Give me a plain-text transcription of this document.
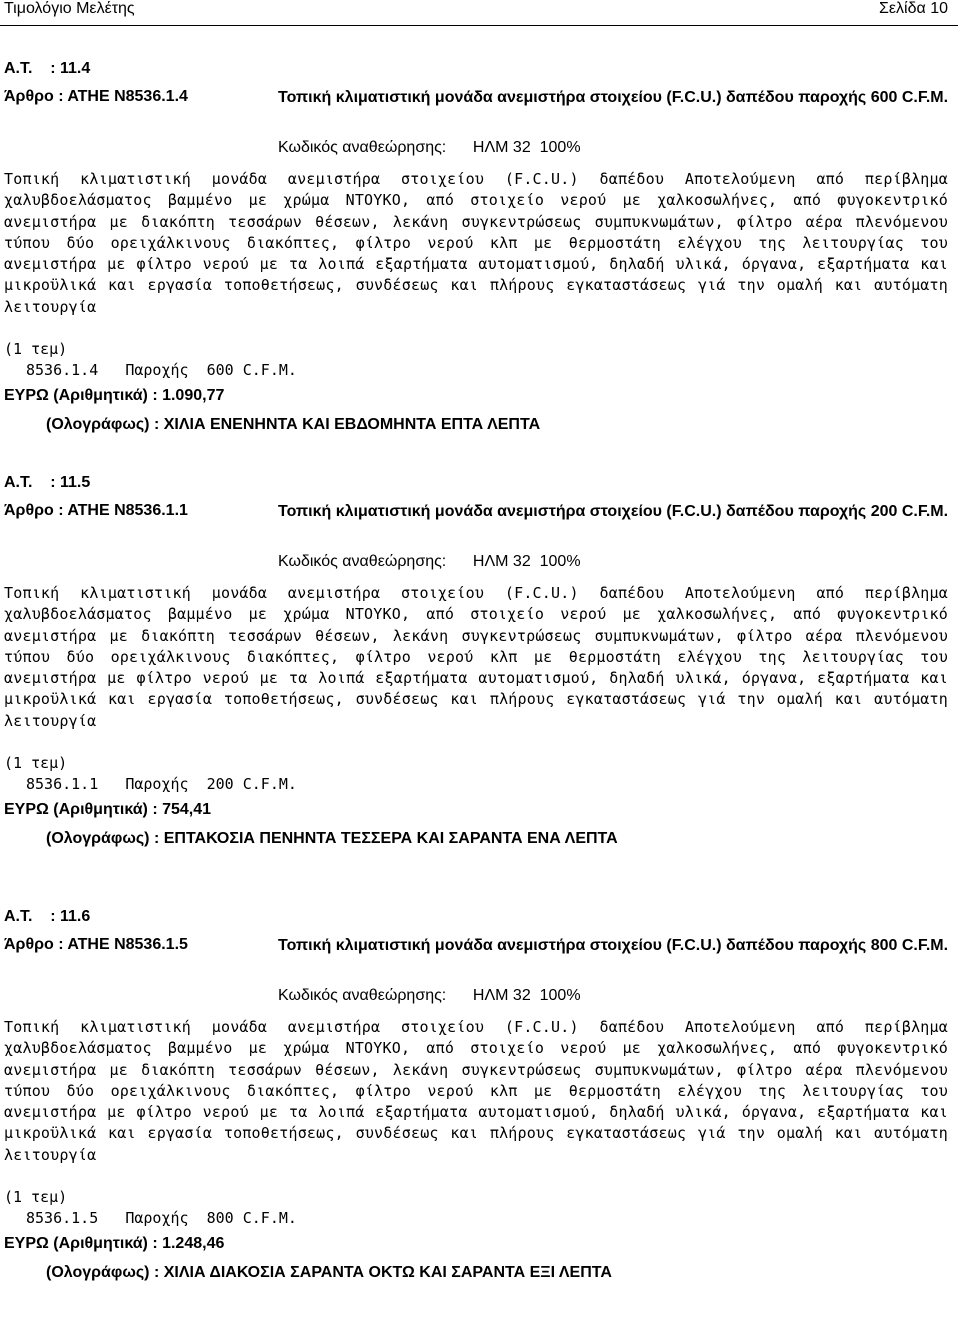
Τιμολόγιο Μελέτης	Σελίδα 10
Α.Τ.    : 11.4
Άρθρο : ΑΤΗΕ Ν8536.1.4	Τοπική κλιματιστική μονάδα ανεμιστήρα στοιχείου (F.C.U.) δαπέδου παροχής 600 C.F.M.
Κωδικός αναθεώρησης:      ΗΛΜ 32  100%
Τοπική κλιματιστική μονάδα ανεμιστήρα στοιχείου (F.C.U.) δαπέδου Αποτελούμενη από περίβλημα χαλυβδοελάσματος βαμμένο με χρώμα ΝΤΟΥΚΟ, από στοιχείο νερού με χαλκοσωλήνες, από φυγοκεντρικό ανεμιστήρα με διακόπτη τεσσάρων θέσεων, λεκάνη συγκεντρώσεως συμπυκνωμάτων, φίλτρο αέρα πλενόμενου τύπου δύο ορειχάλκινους διακόπτες, φίλτρο νερού κλπ με θερμοστάτη ελέγχου της λειτουργίας του ανεμιστήρα με φίλτρο νερού με τα λοιπά εξαρτήματα αυτοματισμού, δηλαδή υλικά, όργανα, εξαρτήματα και μικροϋλικά και εργασία τοποθετήσεως, συνδέσεως και πλήρους εγκαταστάσεως γιά την ομαλή και αυτόματη λειτουργία
(1 τεμ)
8536.1.4   Παροχής  600 C.F.M.
ΕΥΡΩ (Αριθμητικά) : 1.090,77
(Ολογράφως) : ΧΙΛΙΑ ΕΝΕΝΗΝΤΑ ΚΑΙ ΕΒΔΟΜΗΝΤΑ ΕΠΤΑ ΛΕΠΤΑ
Α.Τ.    : 11.5
Άρθρο : ΑΤΗΕ Ν8536.1.1	Τοπική κλιματιστική μονάδα ανεμιστήρα στοιχείου (F.C.U.) δαπέδου παροχής 200 C.F.M.
Κωδικός αναθεώρησης:      ΗΛΜ 32  100%
Τοπική κλιματιστική μονάδα ανεμιστήρα στοιχείου (F.C.U.) δαπέδου Αποτελούμενη από περίβλημα χαλυβδοελάσματος βαμμένο με χρώμα ΝΤΟΥΚΟ, από στοιχείο νερού με χαλκοσωλήνες, από φυγοκεντρικό ανεμιστήρα με διακόπτη τεσσάρων θέσεων, λεκάνη συγκεντρώσεως συμπυκνωμάτων, φίλτρο αέρα πλενόμενου τύπου δύο ορειχάλκινους διακόπτες, φίλτρο νερού κλπ με θερμοστάτη ελέγχου της λειτουργίας του ανεμιστήρα με φίλτρο νερού με τα λοιπά εξαρτήματα αυτοματισμού, δηλαδή υλικά, όργανα, εξαρτήματα και μικροϋλικά και εργασία τοποθετήσεως, συνδέσεως και πλήρους εγκαταστάσεως γιά την ομαλή και αυτόματη λειτουργία
(1 τεμ)
8536.1.1   Παροχής  200 C.F.M.
ΕΥΡΩ (Αριθμητικά) : 754,41
(Ολογράφως) : ΕΠΤΑΚΟΣΙΑ ΠΕΝΗΝΤΑ ΤΕΣΣΕΡΑ ΚΑΙ ΣΑΡΑΝΤΑ ΕΝΑ ΛΕΠΤΑ
Α.Τ.    : 11.6
Άρθρο : ΑΤΗΕ Ν8536.1.5	Τοπική κλιματιστική μονάδα ανεμιστήρα στοιχείου (F.C.U.) δαπέδου παροχής 800 C.F.M.
Κωδικός αναθεώρησης:      ΗΛΜ 32  100%
Τοπική κλιματιστική μονάδα ανεμιστήρα στοιχείου (F.C.U.) δαπέδου Αποτελούμενη από περίβλημα χαλυβδοελάσματος βαμμένο με χρώμα ΝΤΟΥΚΟ, από στοιχείο νερού με χαλκοσωλήνες, από φυγοκεντρικό ανεμιστήρα με διακόπτη τεσσάρων θέσεων, λεκάνη συγκεντρώσεως συμπυκνωμάτων, φίλτρο αέρα πλενόμενου τύπου δύο ορειχάλκινους διακόπτες, φίλτρο νερού κλπ με θερμοστάτη ελέγχου της λειτουργίας του ανεμιστήρα με φίλτρο νερού με τα λοιπά εξαρτήματα αυτοματισμού, δηλαδή υλικά, όργανα, εξαρτήματα και μικροϋλικά και εργασία τοποθετήσεως, συνδέσεως και πλήρους εγκαταστάσεως γιά την ομαλή και αυτόματη λειτουργία
(1 τεμ)
8536.1.5   Παροχής  800 C.F.M.
ΕΥΡΩ (Αριθμητικά) : 1.248,46
(Ολογράφως) : ΧΙΛΙΑ ΔΙΑΚΟΣΙΑ ΣΑΡΑΝΤΑ ΟΚΤΩ ΚΑΙ ΣΑΡΑΝΤΑ ΕΞΙ ΛΕΠΤΑ
